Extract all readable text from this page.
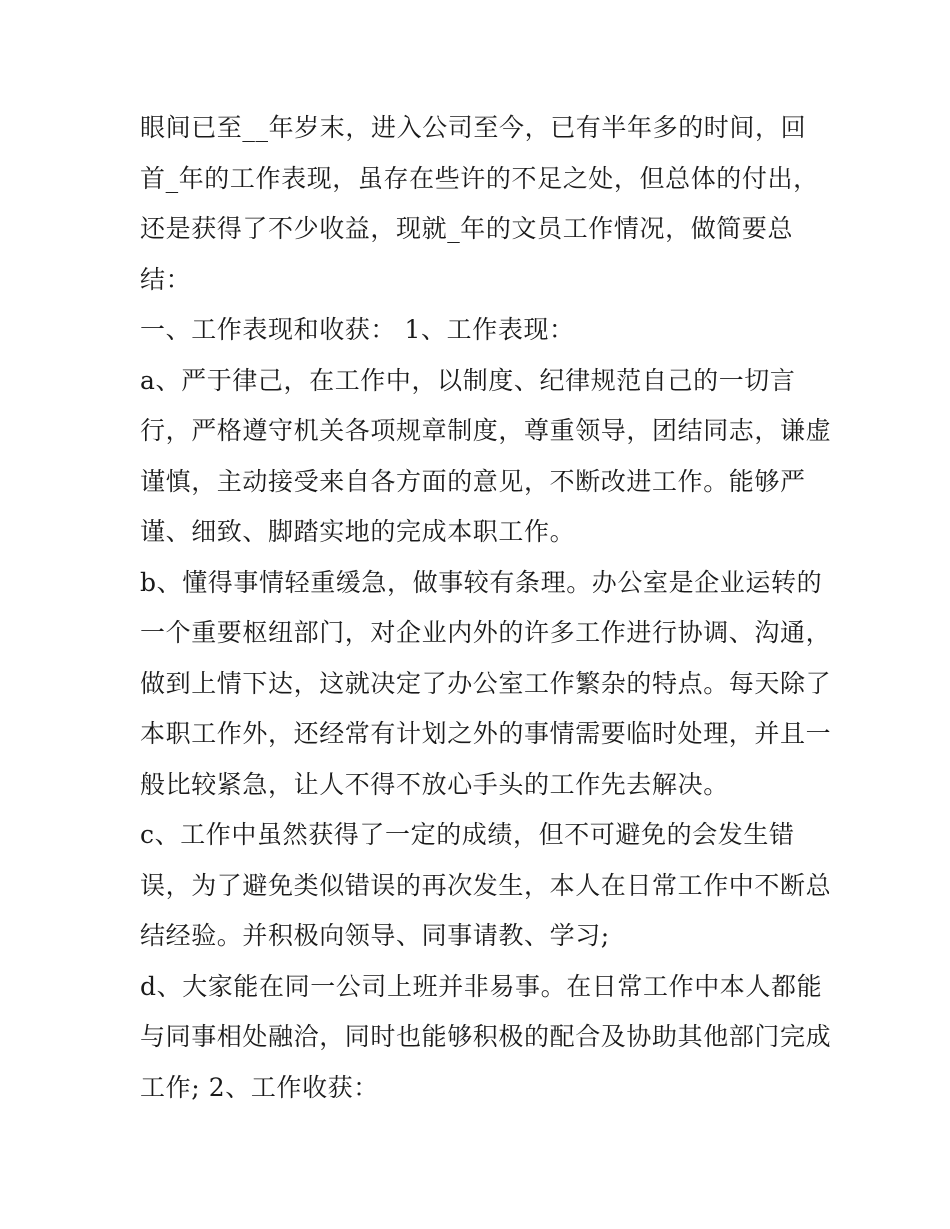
眼间已至__年岁末，进入公司至今，已有半年多的时间，回
首_年的工作表现，虽存在些许的不足之处，但总体的付出，
还是获得了不少收益，现就_年的文员工作情况，做简要总
结：
一、工作表现和收获： 1、工作表现：
a、严于律己，在工作中，以制度、纪律规范自己的一切言
行，严格遵守机关各项规章制度，尊重领导，团结同志，谦虚
谨慎，主动接受来自各方面的意见，不断改进工作。能够严
谨、细致、脚踏实地的完成本职工作。
b、懂得事情轻重缓急，做事较有条理。办公室是企业运转的
一个重要枢纽部门，对企业内外的许多工作进行协调、沟通，
做到上情下达，这就决定了办公室工作繁杂的特点。每天除了
本职工作外，还经常有计划之外的事情需要临时处理，并且一
般比较紧急，让人不得不放心手头的工作先去解决。
c、工作中虽然获得了一定的成绩，但不可避免的会发生错
误，为了避免类似错误的再次发生，本人在日常工作中不断总
结经验。并积极向领导、同事请教、学习;
d、大家能在同一公司上班并非易事。在日常工作中本人都能
与同事相处融洽，同时也能够积极的配合及协助其他部门完成
工作; 2、工作收获：
